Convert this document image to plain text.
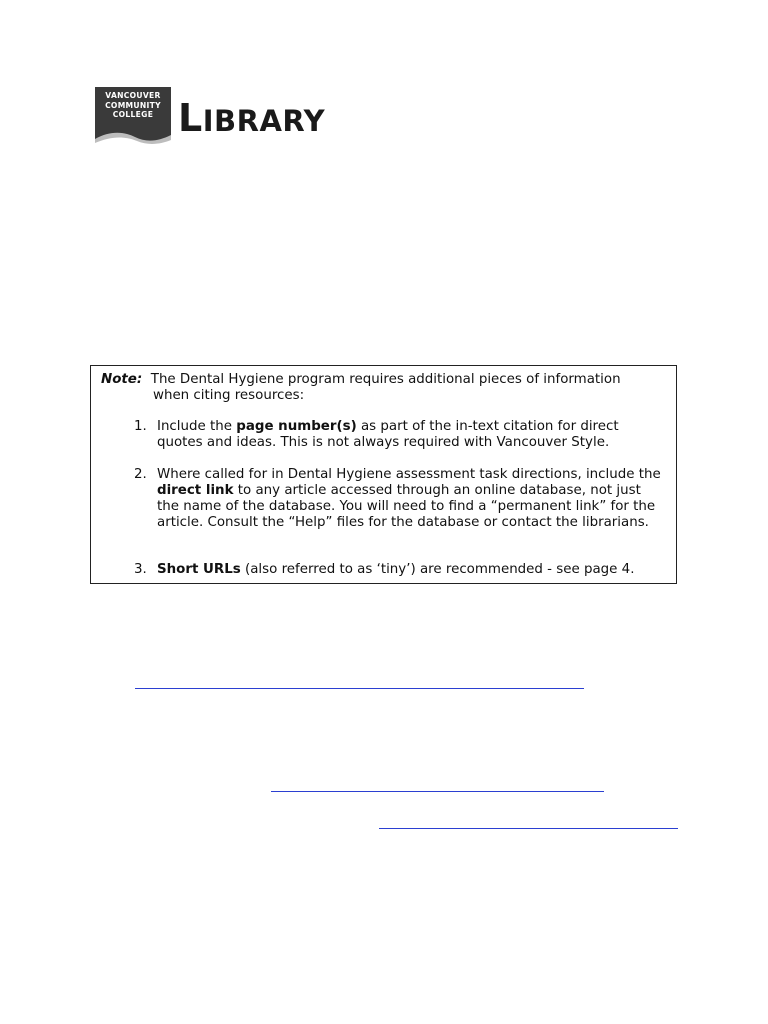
VANCOUVER
COMMUNITY
COLLEGE LIBRARY
Note: The Dental Hygiene program requires additional pieces of information
when citing resources:
1. Include the page number(s) as part of the in-text citation for direct quotes and ideas. This is not always required with Vancouver Style.
2. Where called for in Dental Hygiene assessment task directions, include the direct link to any article accessed through an online database, not just the name of the database. You will need to find a “permanent link” for the article. Consult the “Help” files for the database or contact the librarians.
3. Short URLs (also referred to as ‘tiny’) are recommended - see page 4.
